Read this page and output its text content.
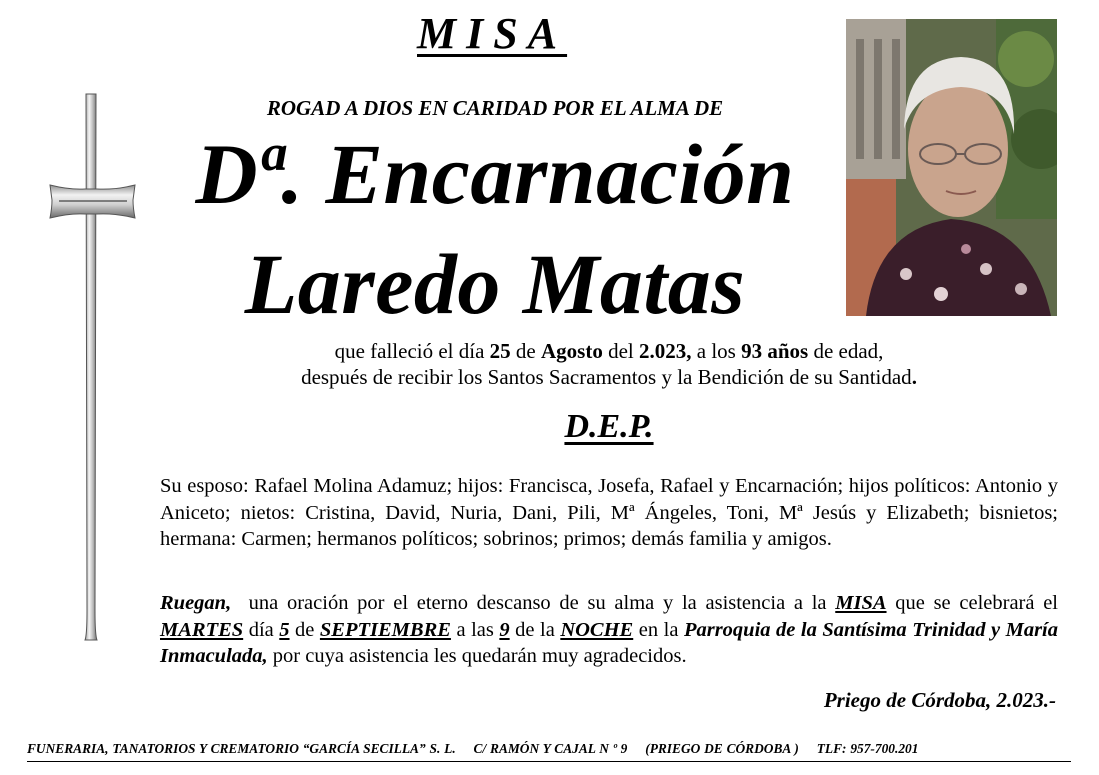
MISA
ROGAD A DIOS EN CARIDAD POR EL ALMA DE
Dª. Encarnación
Laredo Matas
que falleció el día 25 de Agosto del 2.023, a los 93 años de edad,
después de recibir los Santos Sacramentos y la Bendición de su Santidad.
D.E.P.
Su esposo: Rafael Molina Adamuz; hijos: Francisca, Josefa, Rafael y Encarnación; hijos políticos: Antonio y Aniceto; nietos: Cristina, David, Nuria, Dani, Pili, Mª Ángeles, Toni, Mª Jesús y Elizabeth; bisnietos; hermana: Carmen; hermanos políticos; sobrinos; primos; demás familia y amigos.
Ruegan,  una oración por el eterno descanso de su alma y la asistencia a la MISA que se celebrará el MARTES día 5 de SEPTIEMBRE a las 9 de la NOCHE en la Parroquia de la Santísima Trinidad y María Inmaculada, por cuya asistencia les quedarán muy agradecidos.
Priego de Córdoba, 2.023.-
FUNERARIA, TANATORIOS Y CREMATORIO “GARCÍA SECILLA” S. L. C/ RAMÓN Y CAJAL N º 9 (PRIEGO DE CÓRDOBA ) TLF: 957-700.201
